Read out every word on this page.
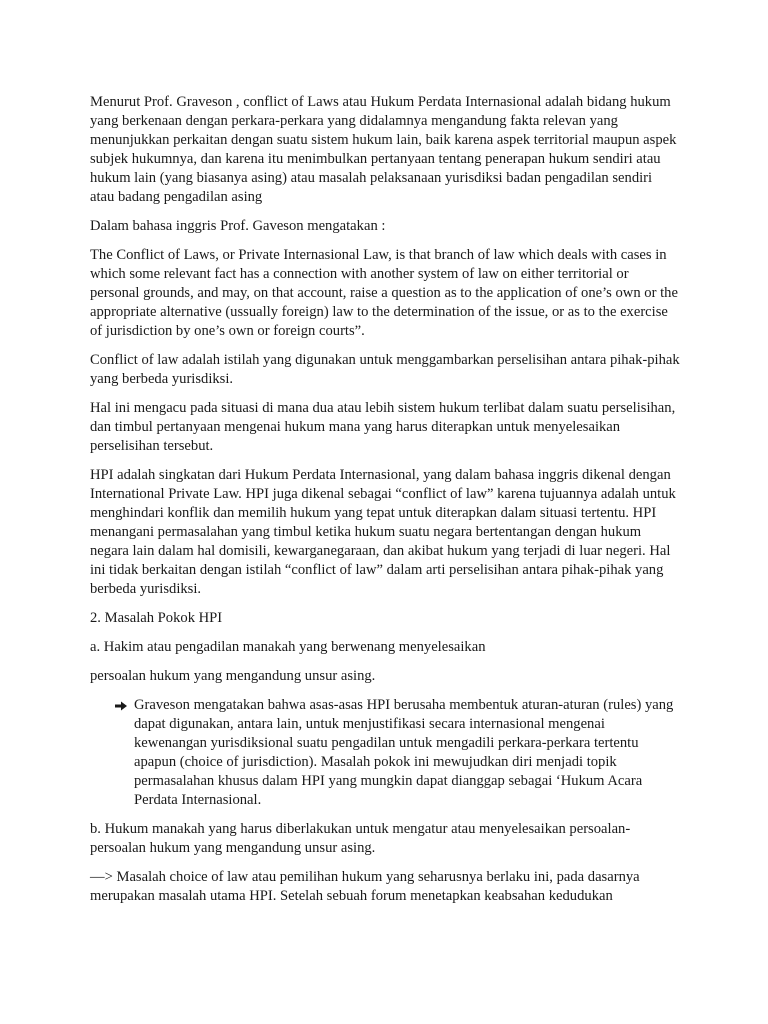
Menurut Prof. Graveson , conflict of Laws atau Hukum Perdata Internasional adalah bidang hukum yang berkenaan dengan perkara-perkara yang didalamnya mengandung fakta relevan yang menunjukkan perkaitan dengan suatu sistem hukum lain, baik karena aspek territorial maupun aspek subjek hukumnya, dan karena itu menimbulkan pertanyaan tentang penerapan hukum sendiri atau hukum lain (yang biasanya asing) atau masalah pelaksanaan yurisdiksi badan pengadilan sendiri atau badang pengadilan asing

Dalam bahasa inggris Prof. Gaveson mengatakan :

The Conflict of Laws, or Private Internasional Law, is that branch of law which deals with cases in which some relevant fact has a connection with another system of law on either territorial or personal grounds, and may, on that account, raise a question as to the application of one’s own or the appropriate alternative (ussually foreign) law to the determination of the issue, or as to the exercise of jurisdiction by one’s own or foreign courts”.

Conflict of law adalah istilah yang digunakan untuk menggambarkan perselisihan antara pihak-pihak yang berbeda yurisdiksi.

Hal ini mengacu pada situasi di mana dua atau lebih sistem hukum terlibat dalam suatu perselisihan, dan timbul pertanyaan mengenai hukum mana yang harus diterapkan untuk menyelesaikan perselisihan tersebut.

HPI adalah singkatan dari Hukum Perdata Internasional, yang dalam bahasa inggris dikenal dengan International Private Law. HPI juga dikenal sebagai “conflict of law” karena tujuannya adalah untuk menghindari konflik dan memilih hukum yang tepat untuk diterapkan dalam situasi tertentu. HPI menangani permasalahan yang timbul ketika hukum suatu negara bertentangan dengan hukum negara lain dalam hal domisili, kewarganegaraan, dan akibat hukum yang terjadi di luar negeri. Hal ini tidak berkaitan dengan istilah “conflict of law” dalam arti perselisihan antara pihak-pihak yang berbeda yurisdiksi.

2. Masalah Pokok HPI

a. Hakim atau pengadilan manakah yang berwenang menyelesaikan

persoalan hukum yang mengandung unsur asing.

Graveson mengatakan bahwa asas-asas HPI berusaha membentuk aturan-aturan (rules) yang dapat digunakan, antara lain, untuk menjustifikasi secara internasional mengenai kewenangan yurisdiksional suatu pengadilan untuk mengadili perkara-perkara tertentu apapun (choice of jurisdiction). Masalah pokok ini mewujudkan diri menjadi topik permasalahan khusus dalam HPI yang mungkin dapat dianggap sebagai ‘Hukum Acara Perdata Internasional.

b. Hukum manakah yang harus diberlakukan untuk mengatur atau menyelesaikan persoalan-persoalan hukum yang mengandung unsur asing.

—> Masalah choice of law atau pemilihan hukum yang seharusnya berlaku ini, pada dasarnya merupakan masalah utama HPI. Setelah sebuah forum menetapkan keabsahan kedudukan
